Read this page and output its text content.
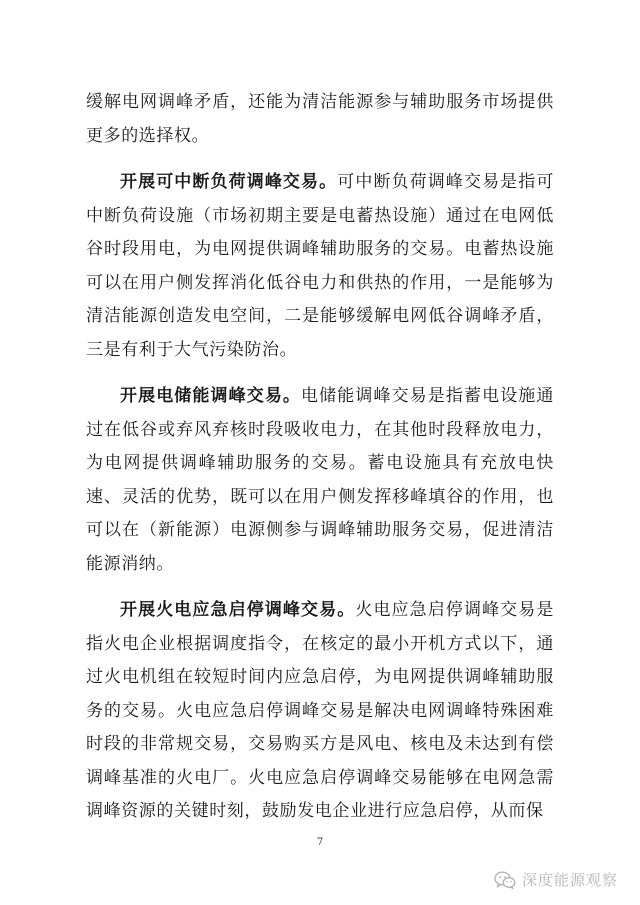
缓解电网调峰矛盾，还能为清洁能源参与辅助服务市场提供更多的选择权。

开展可中断负荷调峰交易。可中断负荷调峰交易是指可中断负荷设施（市场初期主要是电蓄热设施）通过在电网低谷时段用电，为电网提供调峰辅助服务的交易。电蓄热设施可以在用户侧发挥消化低谷电力和供热的作用，一是能够为清洁能源创造发电空间，二是能够缓解电网低谷调峰矛盾，三是有利于大气污染防治。

开展电储能调峰交易。电储能调峰交易是指蓄电设施通过在低谷或弃风弃核时段吸收电力，在其他时段释放电力，为电网提供调峰辅助服务的交易。蓄电设施具有充放电快速、灵活的优势，既可以在用户侧发挥移峰填谷的作用，也可以在（新能源）电源侧参与调峰辅助服务交易，促进清洁能源消纳。

开展火电应急启停调峰交易。火电应急启停调峰交易是指火电企业根据调度指令，在核定的最小开机方式以下，通过火电机组在较短时间内应急启停，为电网提供调峰辅助服务的交易。火电应急启停调峰交易是解决电网调峰特殊困难时段的非常规交易，交易购买方是风电、核电及未达到有偿调峰基准的火电厂。火电应急启停调峰交易能够在电网急需调峰资源的关键时刻，鼓励发电企业进行应急启停，从而保

7
深度能源观察
